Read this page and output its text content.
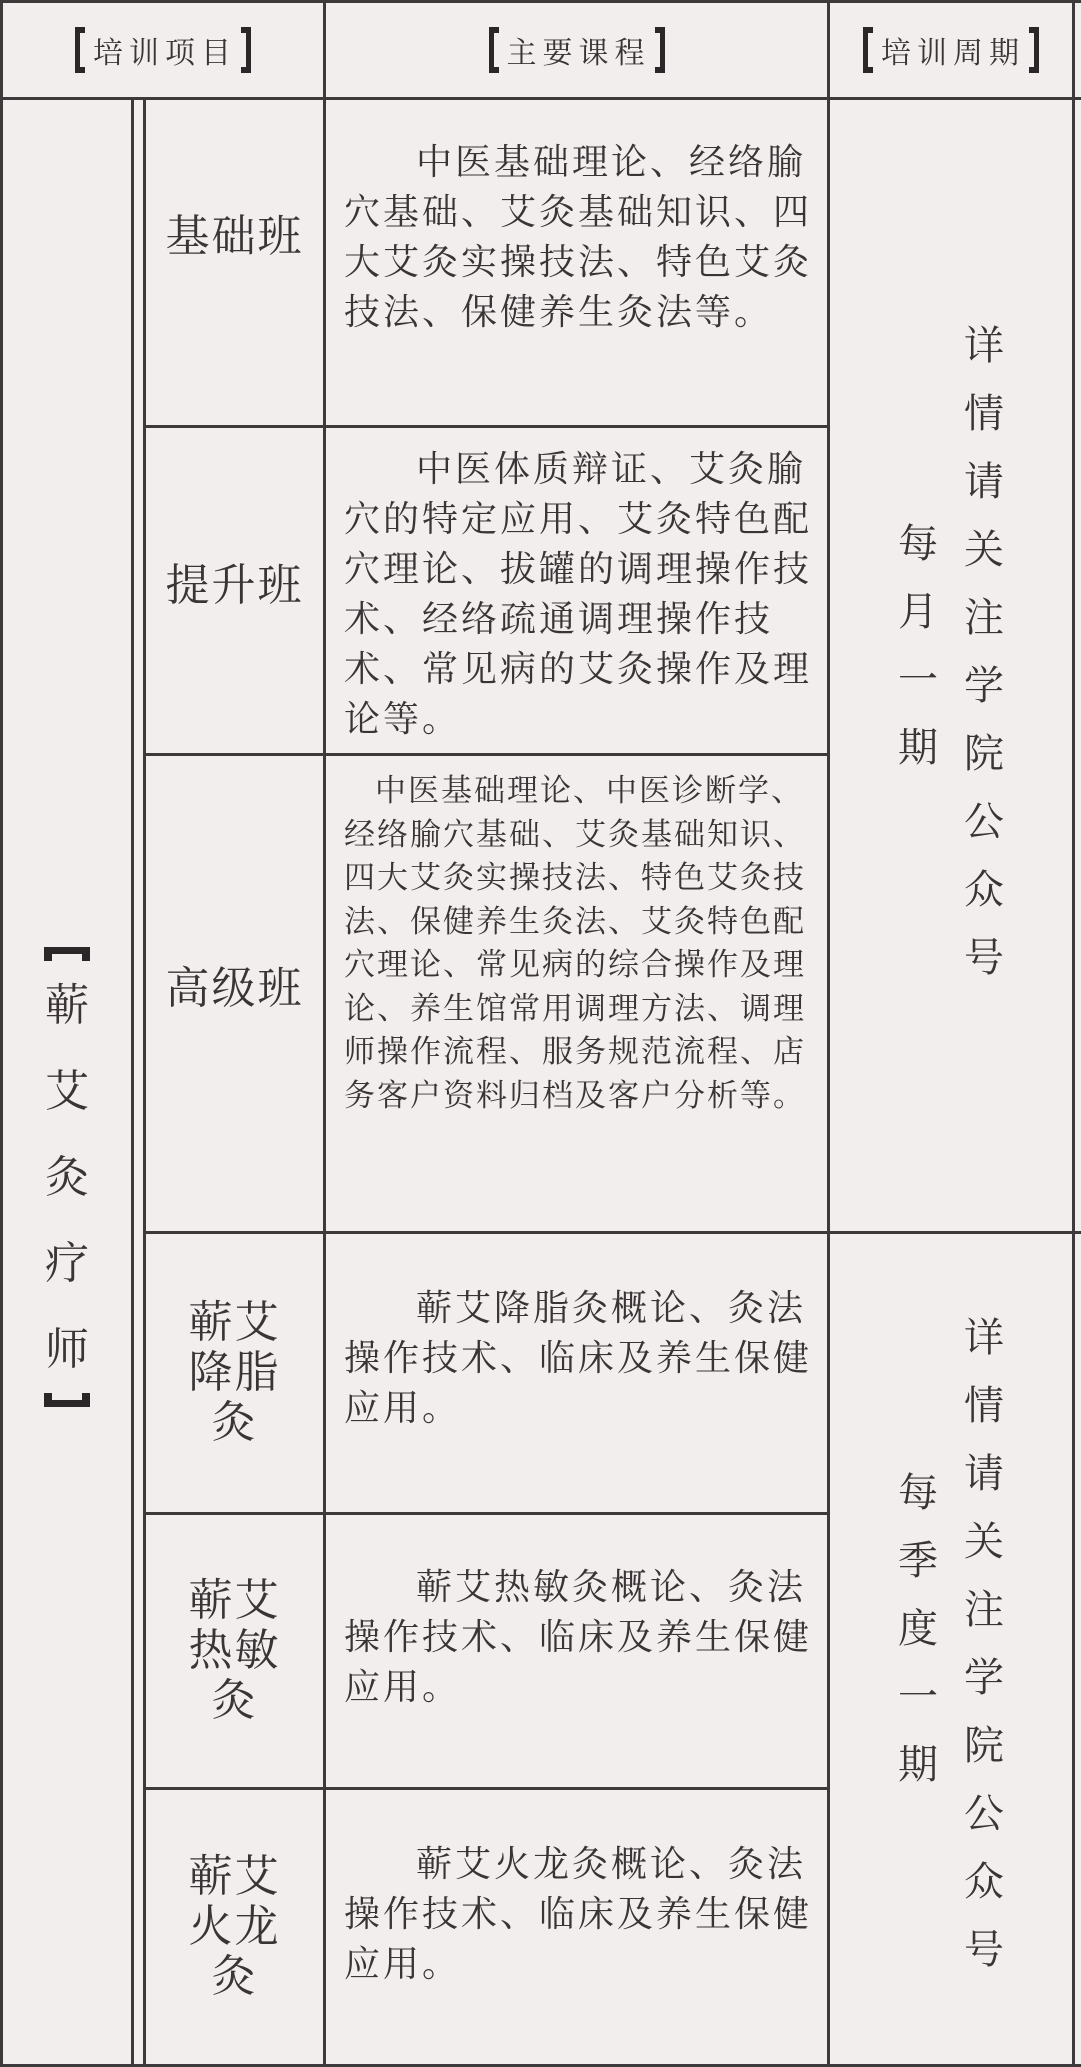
培训项目	主要课程	培训周期
蕲艾灸疗师
基础班
中医基础理论、经络腧穴基础、艾灸基础知识、四大艾灸实操技法、特色艾灸技法、保健养生灸法等。
提升班
中医体质辩证、艾灸腧穴的特定应用、艾灸特色配穴理论、拔罐的调理操作技术、经络疏通调理操作技术、常见病的艾灸操作及理论等。
高级班
中医基础理论、中医诊断学、经络腧穴基础、艾灸基础知识、四大艾灸实操技法、特色艾灸技法、保健养生灸法、艾灸特色配穴理论、常见病的综合操作及理论、养生馆常用调理方法、调理师操作流程、服务规范流程、店务客户资料归档及客户分析等。
蕲艾降脂灸
蕲艾降脂灸概论、灸法操作技术、临床及养生保健应用。
蕲艾热敏灸
蕲艾热敏灸概论、灸法操作技术、临床及养生保健应用。
蕲艾火龙灸
蕲艾火龙灸概论、灸法操作技术、临床及养生保健应用。
每月一期
详情请关注学院公众号
每季度一期
详情请关注学院公众号
